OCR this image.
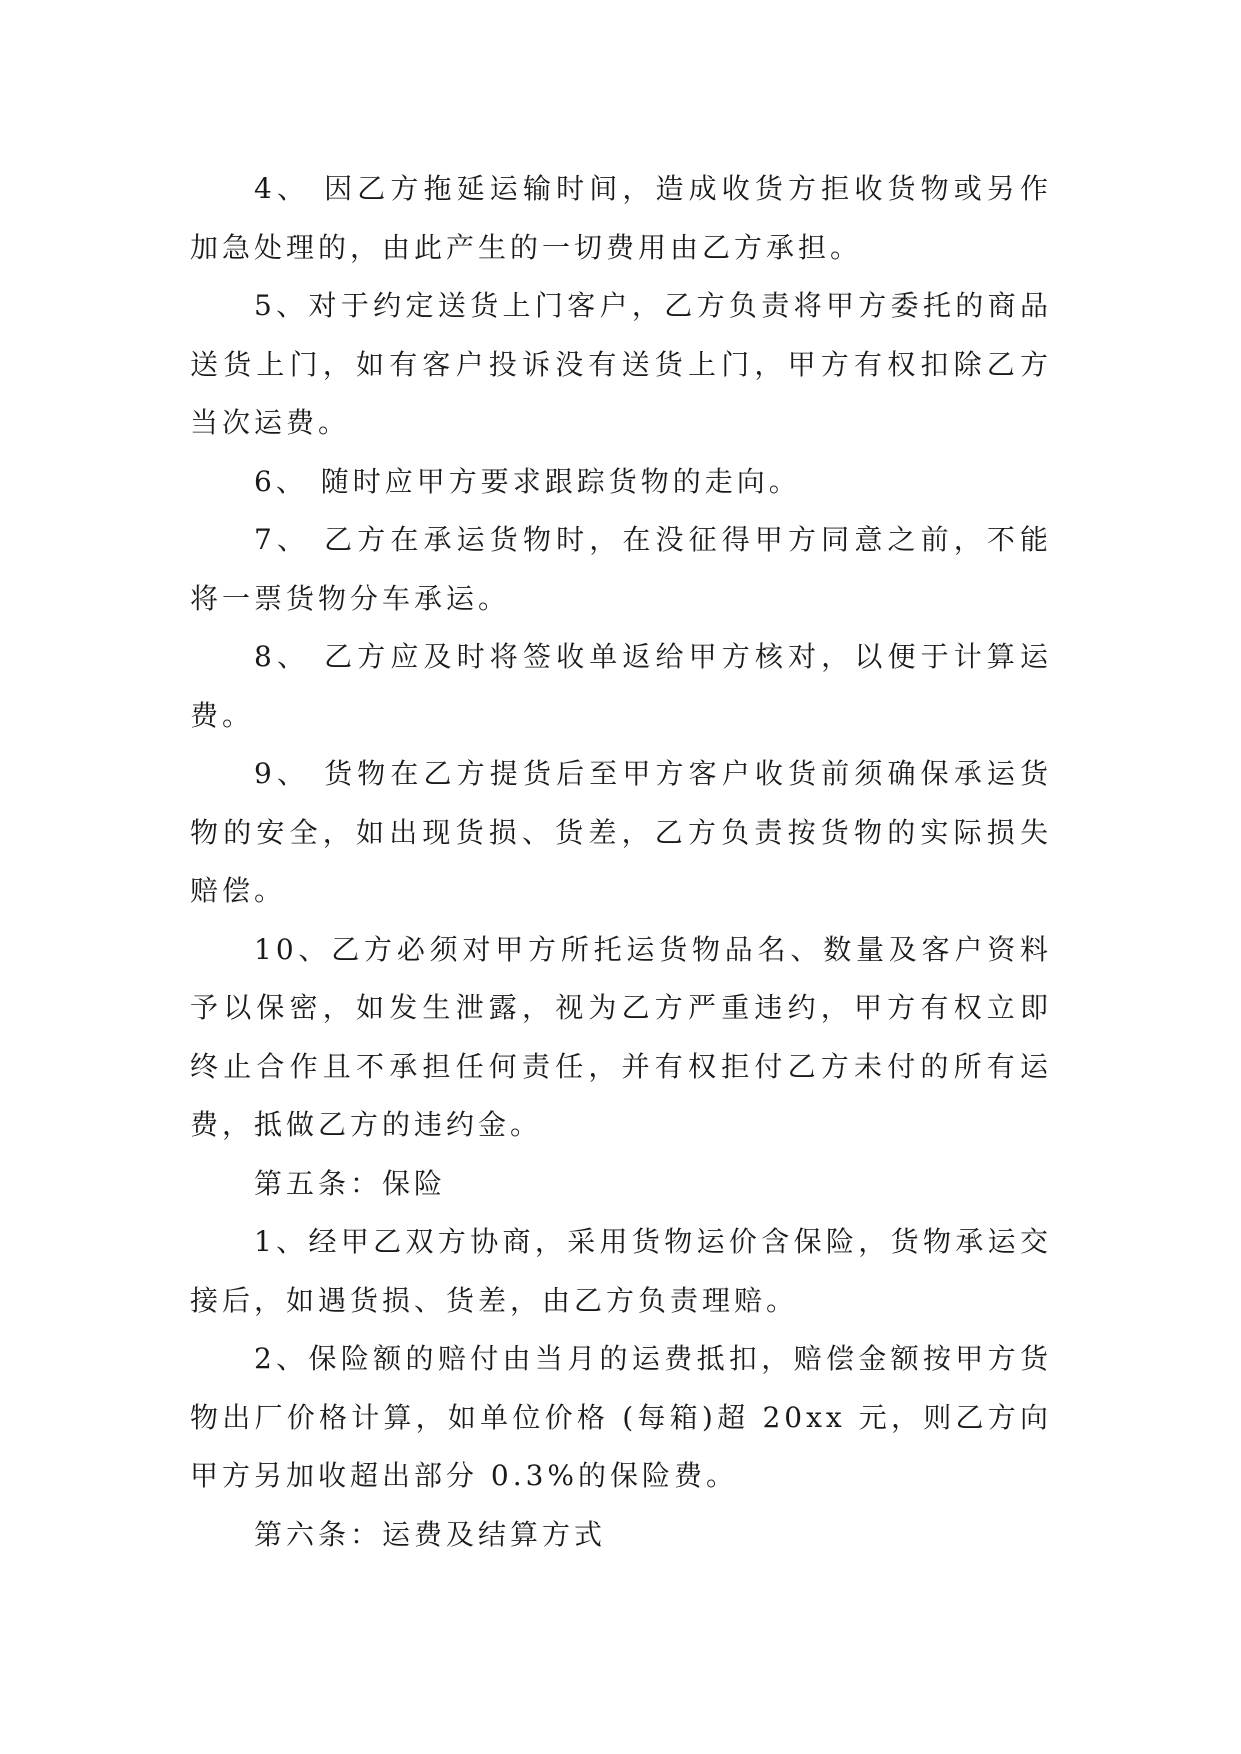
4、 因乙方拖延运输时间，造成收货方拒收货物或另作加急处理的，由此产生的一切费用由乙方承担。

5、对于约定送货上门客户，乙方负责将甲方委托的商品送货上门，如有客户投诉没有送货上门，甲方有权扣除乙方当次运费。

6、 随时应甲方要求跟踪货物的走向。

7、 乙方在承运货物时，在没征得甲方同意之前，不能将一票货物分车承运。

8、 乙方应及时将签收单返给甲方核对，以便于计算运费。

9、 货物在乙方提货后至甲方客户收货前须确保承运货物的安全，如出现货损、货差，乙方负责按货物的实际损失赔偿。

10、乙方必须对甲方所托运货物品名、数量及客户资料予以保密，如发生泄露，视为乙方严重违约，甲方有权立即终止合作且不承担任何责任，并有权拒付乙方未付的所有运费，抵做乙方的违约金。

第五条：保险

1、经甲乙双方协商，采用货物运价含保险，货物承运交接后，如遇货损、货差，由乙方负责理赔。

2、保险额的赔付由当月的运费抵扣，赔偿金额按甲方货物出厂价格计算，如单位价格 (每箱)超 20xx 元，则乙方向甲方另加收超出部分 0.3%的保险费。

第六条：运费及结算方式
